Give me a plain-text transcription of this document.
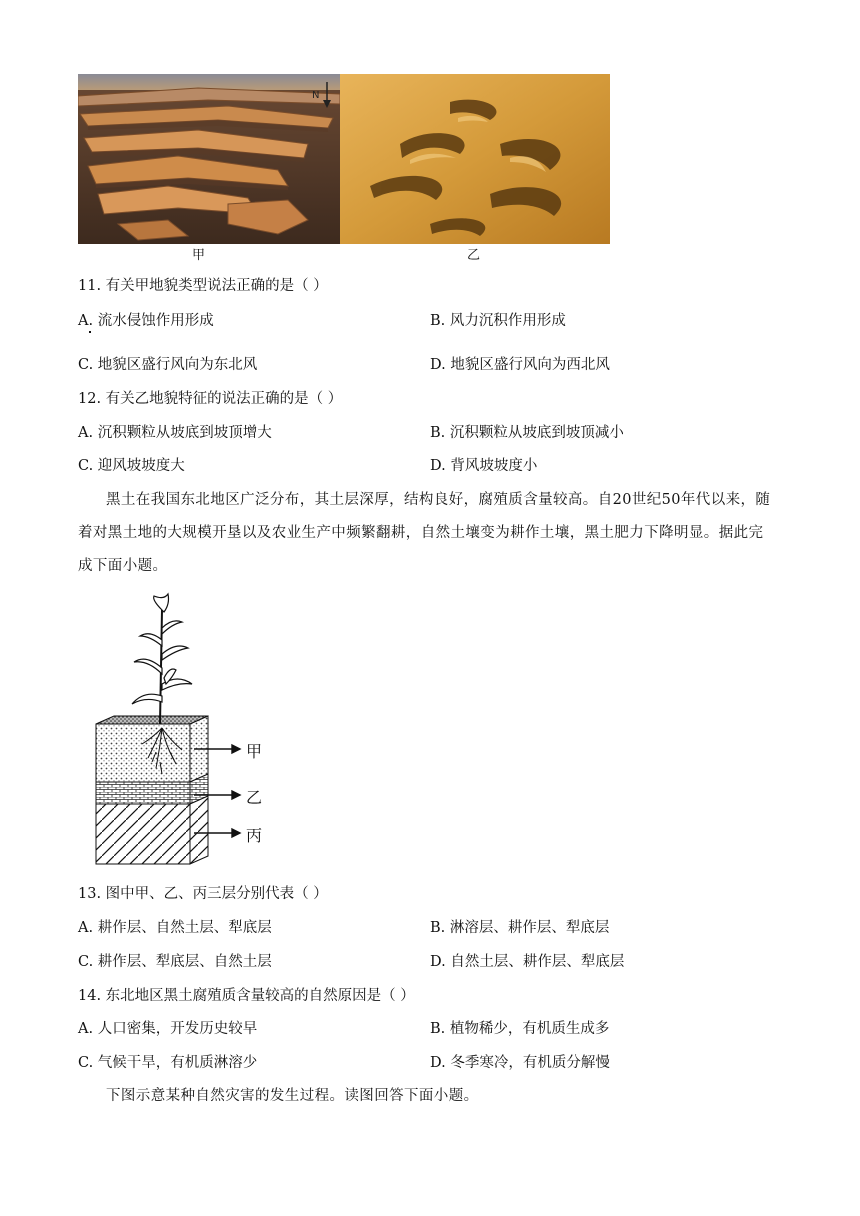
N
甲	乙
11. 有关甲地貌类型说法正确的是（ ）
A. 流水侵蚀作用形成	B. 风力沉积作用形成
C. 地貌区盛行风向为东北风	D. 地貌区盛行风向为西北风
12. 有关乙地貌特征的说法正确的是（ ）
A. 沉积颗粒从坡底到坡顶增大	B. 沉积颗粒从坡底到坡顶减小
C. 迎风坡坡度大	D. 背风坡坡度小
黑土在我国东北地区广泛分布，其土层深厚，结构良好，腐殖质含量较高。自20世纪50年代以来，随着对黑土地的大规模开垦以及农业生产中频繁翻耕，自然土壤变为耕作土壤，黑土肥力下降明显。据此完成下面小题。
甲
乙
丙
13. 图中甲、乙、丙三层分别代表（ ）
A. 耕作层、自然土层、犁底层	B. 淋溶层、耕作层、犁底层
C. 耕作层、犁底层、自然土层	D. 自然土层、耕作层、犁底层
14. 东北地区黑土腐殖质含量较高的自然原因是（ ）
A. 人口密集，开发历史较早	B. 植物稀少，有机质生成多
C. 气候干旱，有机质淋溶少	D. 冬季寒冷，有机质分解慢
下图示意某种自然灾害的发生过程。读图回答下面小题。
